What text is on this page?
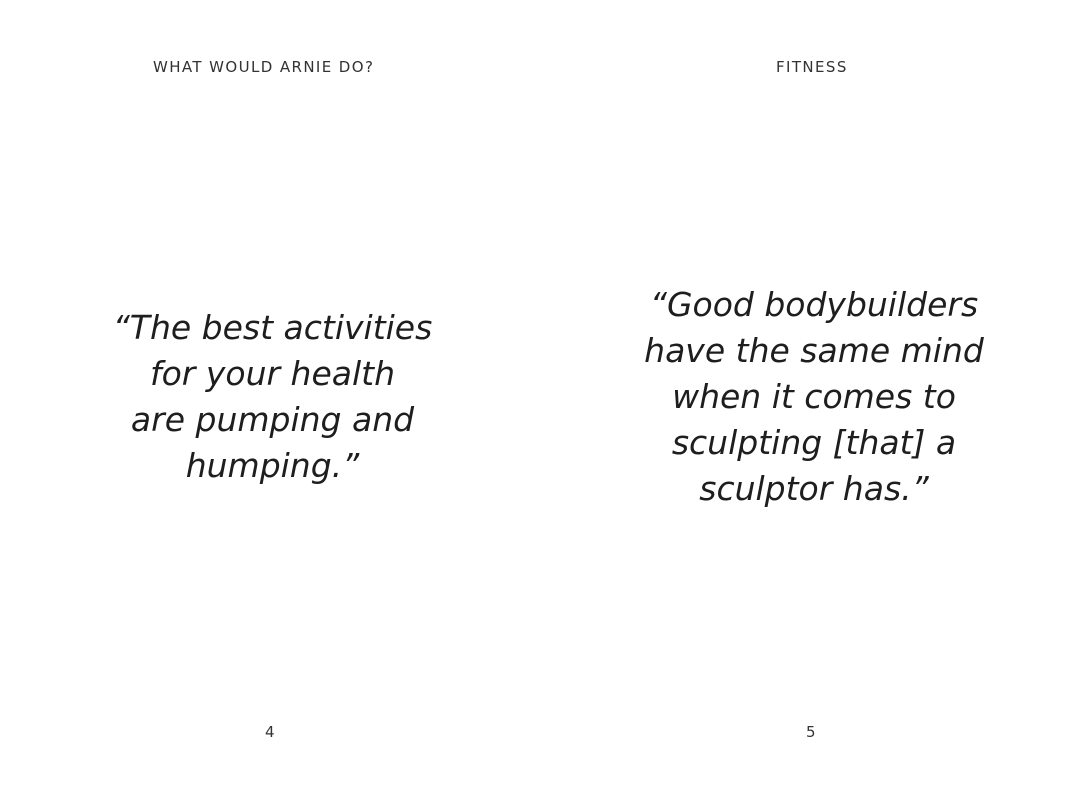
WHAT WOULD ARNIE DO?
“The best activities
for your health
are pumping and
humping.”
4
FITNESS
“Good bodybuilders
have the same mind
when it comes to
sculpting [that] a
sculptor has.”
5
